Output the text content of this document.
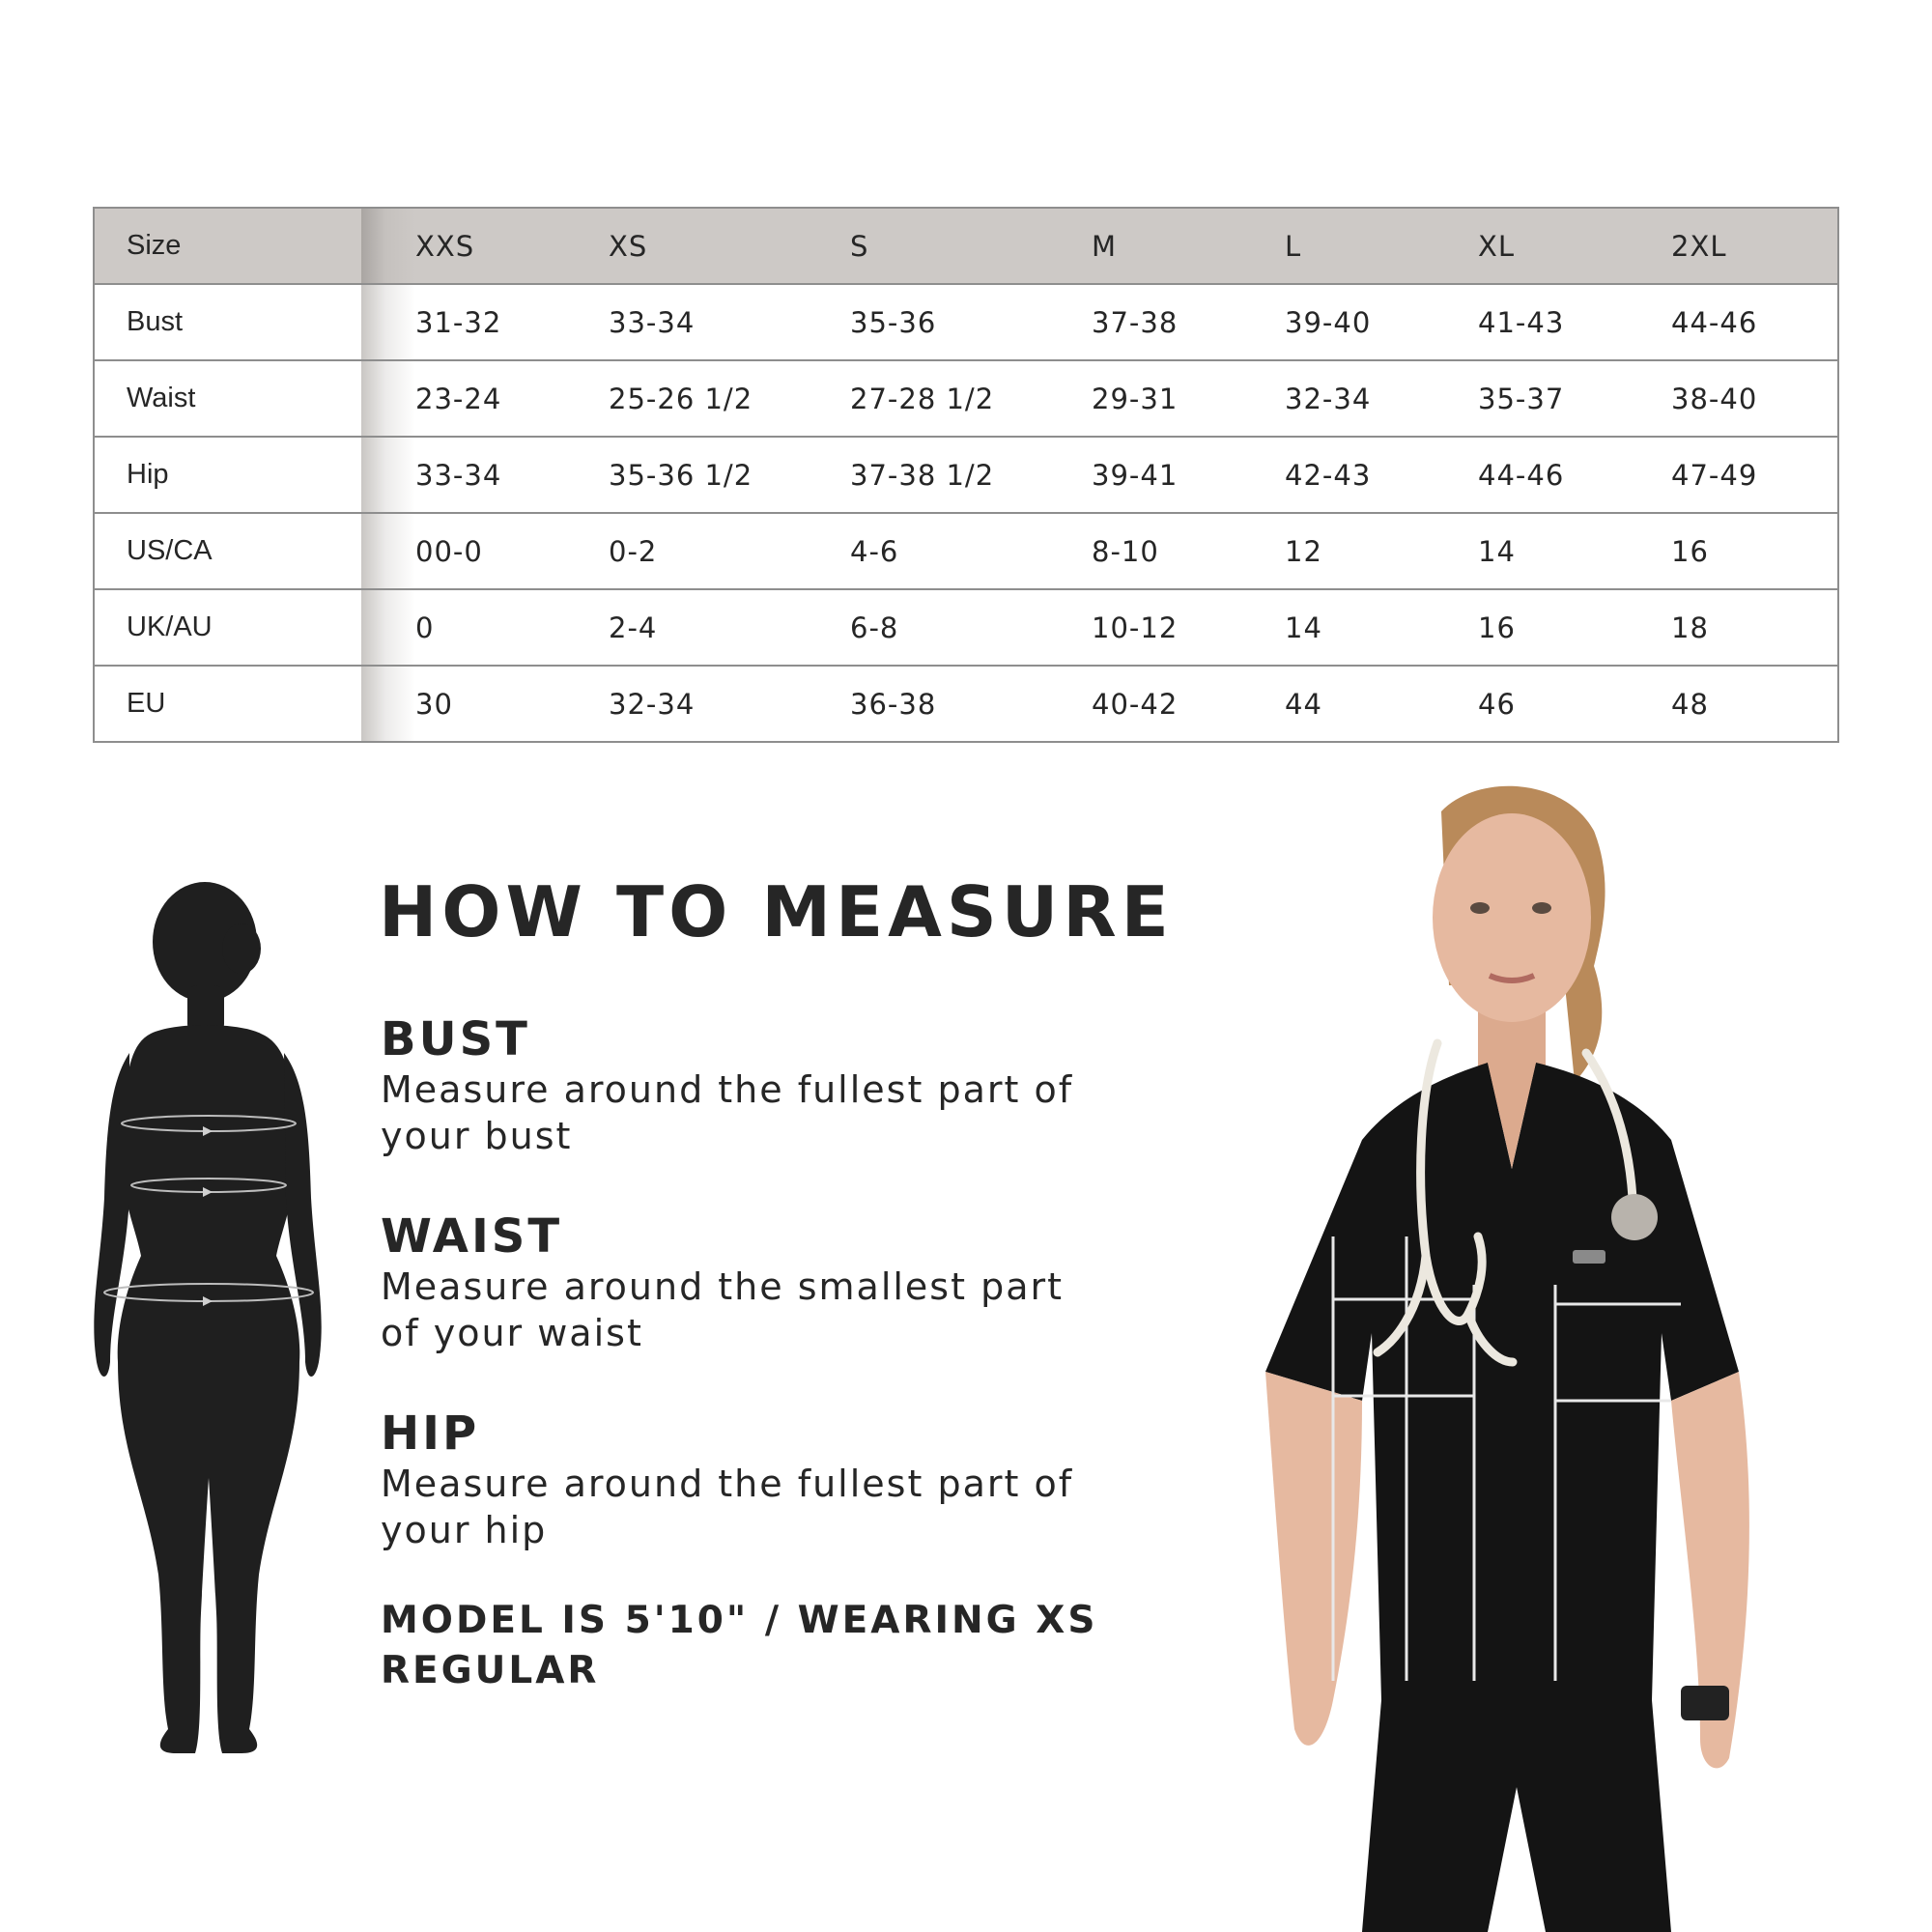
Size		XXS	XS	S	M	L	XL	2XL
Bust		31-32	33-34	35-36	37-38	39-40	41-43	44-46
Waist		23-24	25-26 1/2	27-28 1/2	29-31	32-34	35-37	38-40
Hip		33-34	35-36 1/2	37-38 1/2	39-41	42-43	44-46	47-49
US/CA		00-0	0-2	4-6	8-10	12	14	16
UK/AU		0	2-4	6-8	10-12	14	16	18
EU		30	32-34	36-38	40-42	44	46	48
HOW TO MEASURE
BUST
Measure around the fullest part of your bust
WAIST
Measure around the smallest part of your waist
HIP
Measure around the fullest part of your hip
MODEL IS 5'10" / WEARING XS REGULAR
